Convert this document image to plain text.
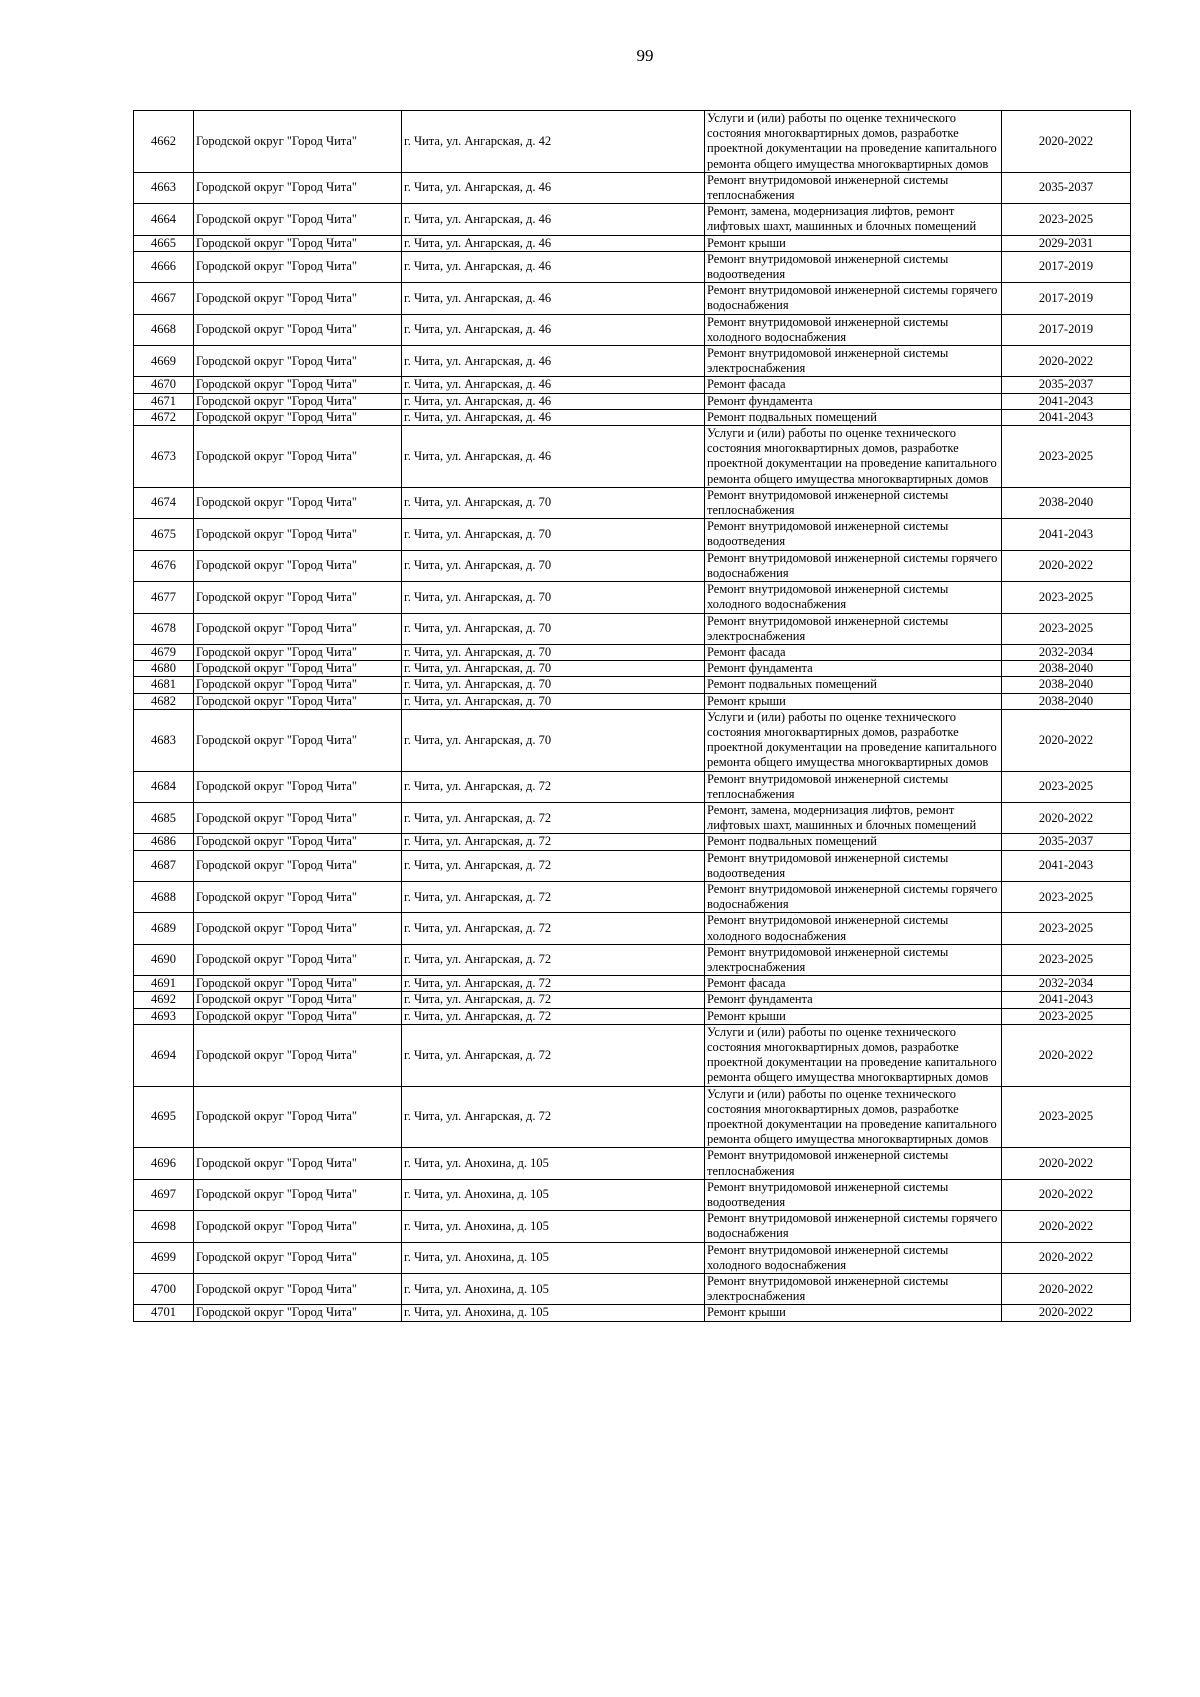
99
4662	Городской округ "Город Чита"	г. Чита, ул. Ангарская, д. 42	Услуги и (или) работы по оценке технического состояния многоквартирных домов, разработке проектной документации на проведение капитального ремонта общего имущества многоквартирных домов	2020-2022
4663	Городской округ "Город Чита"	г. Чита, ул. Ангарская, д. 46	Ремонт внутридомовой инженерной системы теплоснабжения	2035-2037
4664	Городской округ "Город Чита"	г. Чита, ул. Ангарская, д. 46	Ремонт, замена, модернизация лифтов, ремонт лифтовых шахт, машинных и блочных помещений	2023-2025
4665	Городской округ "Город Чита"	г. Чита, ул. Ангарская, д. 46	Ремонт крыши	2029-2031
4666	Городской округ "Город Чита"	г. Чита, ул. Ангарская, д. 46	Ремонт внутридомовой инженерной системы водоотведения	2017-2019
4667	Городской округ "Город Чита"	г. Чита, ул. Ангарская, д. 46	Ремонт внутридомовой инженерной системы горячего водоснабжения	2017-2019
4668	Городской округ "Город Чита"	г. Чита, ул. Ангарская, д. 46	Ремонт внутридомовой инженерной системы холодного водоснабжения	2017-2019
4669	Городской округ "Город Чита"	г. Чита, ул. Ангарская, д. 46	Ремонт внутридомовой инженерной системы электроснабжения	2020-2022
4670	Городской округ "Город Чита"	г. Чита, ул. Ангарская, д. 46	Ремонт фасада	2035-2037
4671	Городской округ "Город Чита"	г. Чита, ул. Ангарская, д. 46	Ремонт фундамента	2041-2043
4672	Городской округ "Город Чита"	г. Чита, ул. Ангарская, д. 46	Ремонт подвальных помещений	2041-2043
4673	Городской округ "Город Чита"	г. Чита, ул. Ангарская, д. 46	Услуги и (или) работы по оценке технического состояния многоквартирных домов, разработке проектной документации на проведение капитального ремонта общего имущества многоквартирных домов	2023-2025
4674	Городской округ "Город Чита"	г. Чита, ул. Ангарская, д. 70	Ремонт внутридомовой инженерной системы теплоснабжения	2038-2040
4675	Городской округ "Город Чита"	г. Чита, ул. Ангарская, д. 70	Ремонт внутридомовой инженерной системы водоотведения	2041-2043
4676	Городской округ "Город Чита"	г. Чита, ул. Ангарская, д. 70	Ремонт внутридомовой инженерной системы горячего водоснабжения	2020-2022
4677	Городской округ "Город Чита"	г. Чита, ул. Ангарская, д. 70	Ремонт внутридомовой инженерной системы холодного водоснабжения	2023-2025
4678	Городской округ "Город Чита"	г. Чита, ул. Ангарская, д. 70	Ремонт внутридомовой инженерной системы электроснабжения	2023-2025
4679	Городской округ "Город Чита"	г. Чита, ул. Ангарская, д. 70	Ремонт фасада	2032-2034
4680	Городской округ "Город Чита"	г. Чита, ул. Ангарская, д. 70	Ремонт фундамента	2038-2040
4681	Городской округ "Город Чита"	г. Чита, ул. Ангарская, д. 70	Ремонт подвальных помещений	2038-2040
4682	Городской округ "Город Чита"	г. Чита, ул. Ангарская, д. 70	Ремонт крыши	2038-2040
4683	Городской округ "Город Чита"	г. Чита, ул. Ангарская, д. 70	Услуги и (или) работы по оценке технического состояния многоквартирных домов, разработке проектной документации на проведение капитального ремонта общего имущества многоквартирных домов	2020-2022
4684	Городской округ "Город Чита"	г. Чита, ул. Ангарская, д. 72	Ремонт внутридомовой инженерной системы теплоснабжения	2023-2025
4685	Городской округ "Город Чита"	г. Чита, ул. Ангарская, д. 72	Ремонт, замена, модернизация лифтов, ремонт лифтовых шахт, машинных и блочных помещений	2020-2022
4686	Городской округ "Город Чита"	г. Чита, ул. Ангарская, д. 72	Ремонт подвальных помещений	2035-2037
4687	Городской округ "Город Чита"	г. Чита, ул. Ангарская, д. 72	Ремонт внутридомовой инженерной системы водоотведения	2041-2043
4688	Городской округ "Город Чита"	г. Чита, ул. Ангарская, д. 72	Ремонт внутридомовой инженерной системы горячего водоснабжения	2023-2025
4689	Городской округ "Город Чита"	г. Чита, ул. Ангарская, д. 72	Ремонт внутридомовой инженерной системы холодного водоснабжения	2023-2025
4690	Городской округ "Город Чита"	г. Чита, ул. Ангарская, д. 72	Ремонт внутридомовой инженерной системы электроснабжения	2023-2025
4691	Городской округ "Город Чита"	г. Чита, ул. Ангарская, д. 72	Ремонт фасада	2032-2034
4692	Городской округ "Город Чита"	г. Чита, ул. Ангарская, д. 72	Ремонт фундамента	2041-2043
4693	Городской округ "Город Чита"	г. Чита, ул. Ангарская, д. 72	Ремонт крыши	2023-2025
4694	Городской округ "Город Чита"	г. Чита, ул. Ангарская, д. 72	Услуги и (или) работы по оценке технического состояния многоквартирных домов, разработке проектной документации на проведение капитального ремонта общего имущества многоквартирных домов	2020-2022
4695	Городской округ "Город Чита"	г. Чита, ул. Ангарская, д. 72	Услуги и (или) работы по оценке технического состояния многоквартирных домов, разработке проектной документации на проведение капитального ремонта общего имущества многоквартирных домов	2023-2025
4696	Городской округ "Город Чита"	г. Чита, ул. Анохина, д. 105	Ремонт внутридомовой инженерной системы теплоснабжения	2020-2022
4697	Городской округ "Город Чита"	г. Чита, ул. Анохина, д. 105	Ремонт внутридомовой инженерной системы водоотведения	2020-2022
4698	Городской округ "Город Чита"	г. Чита, ул. Анохина, д. 105	Ремонт внутридомовой инженерной системы горячего водоснабжения	2020-2022
4699	Городской округ "Город Чита"	г. Чита, ул. Анохина, д. 105	Ремонт внутридомовой инженерной системы холодного водоснабжения	2020-2022
4700	Городской округ "Город Чита"	г. Чита, ул. Анохина, д. 105	Ремонт внутридомовой инженерной системы электроснабжения	2020-2022
4701	Городской округ "Город Чита"	г. Чита, ул. Анохина, д. 105	Ремонт крыши	2020-2022
